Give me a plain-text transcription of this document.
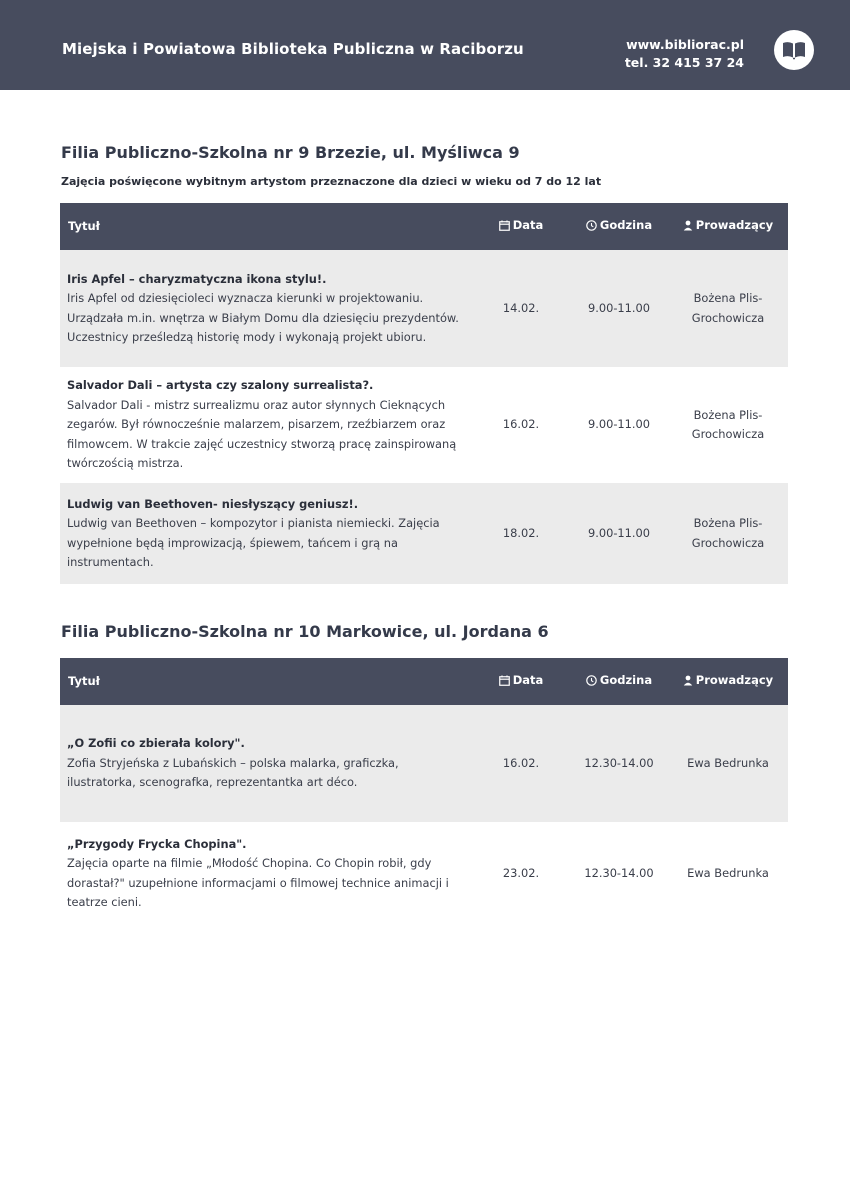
Miejska i Powiatowa Biblioteka Publiczna w Raciborzu	www.bibliorac.pl
tel. 32 415 37 24
Filia Publiczno-Szkolna nr 9 Brzezie, ul. Myśliwca 9
Zajęcia poświęcone wybitnym artystom przeznaczone dla dzieci w wieku od 7 do 12 lat
Tytuł	Data	Godzina	Prowadzący

Iris Apfel – charyzmatyczna ikona stylu!.
Iris Apfel od dziesięcioleci wyznacza kierunki w projektowaniu. Urządzała m.in. wnętrza w Białym Domu dla dziesięciu prezydentów. Uczestnicy prześledzą historię mody i wykonają projekt ubioru.	14.02.	9.00-11.00	Bożena Plis-Grochowicza

Salvador Dali – artysta czy szalony surrealista?.
Salvador Dali - mistrz surrealizmu oraz autor słynnych Cieknących zegarów. Był równocześnie malarzem, pisarzem, rzeźbiarzem oraz filmowcem. W trakcie zajęć uczestnicy stworzą pracę zainspirowaną twórczością mistrza.	16.02.	9.00-11.00	Bożena Plis-Grochowicza

Ludwig van Beethoven- niesłyszący geniusz!.
Ludwig van Beethoven – kompozytor i pianista niemiecki. Zajęcia wypełnione będą improwizacją, śpiewem, tańcem i grą na instrumentach.	18.02.	9.00-11.00	Bożena Plis-Grochowicza
Filia Publiczno-Szkolna nr 10 Markowice, ul. Jordana 6
Tytuł	Data	Godzina	Prowadzący

„O Zofii co zbierała kolory".
Zofia Stryjeńska z Lubańskich – polska malarka, graficzka, ilustratorka, scenografka, reprezentantka art déco.	16.02.	12.30-14.00	Ewa Bedrunka

„Przygody Frycka Chopina".
Zajęcia oparte na filmie „Młodość Chopina. Co Chopin robił, gdy dorastał?" uzupełnione informacjami o filmowej technice animacji i teatrze cieni.	23.02.	12.30-14.00	Ewa Bedrunka
